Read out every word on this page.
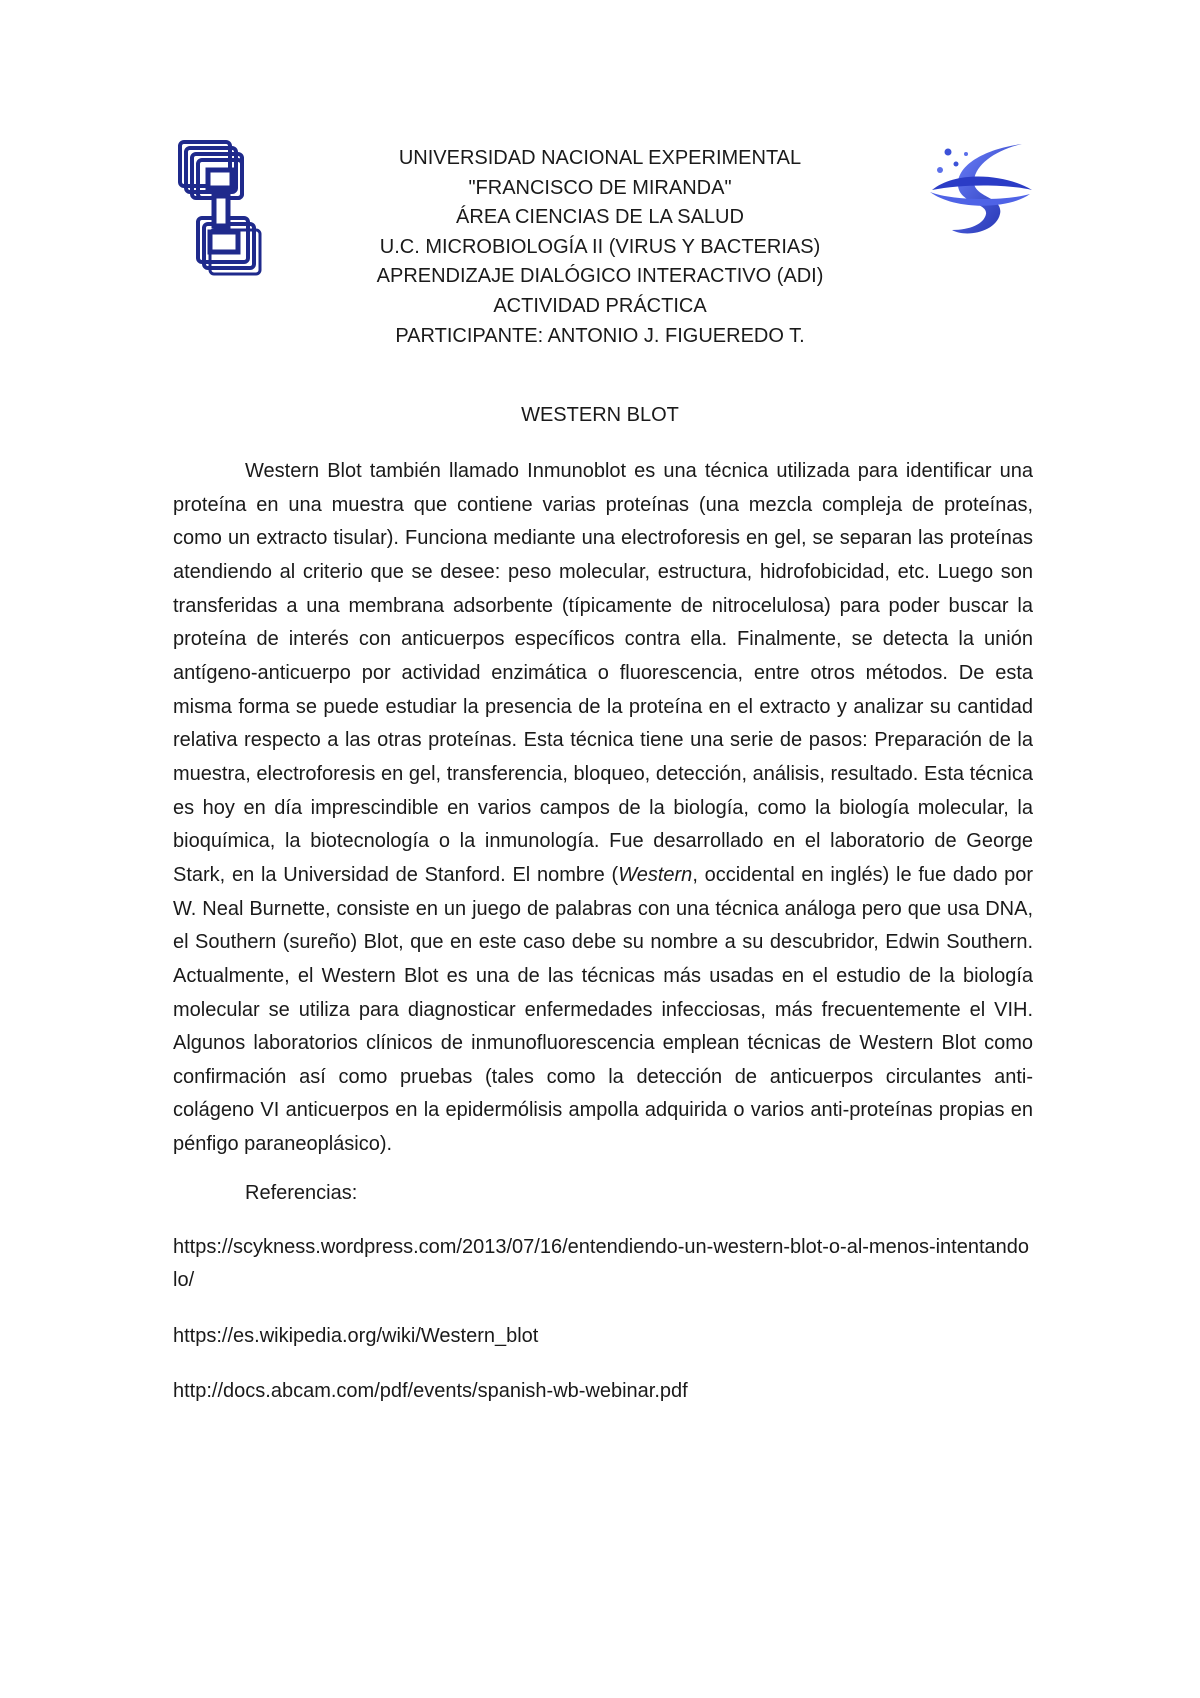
UNIVERSIDAD NACIONAL EXPERIMENTAL
"FRANCISCO DE MIRANDA"
ÁREA CIENCIAS DE LA SALUD
U.C. MICROBIOLOGÍA II (VIRUS Y BACTERIAS)
APRENDIZAJE DIALÓGICO INTERACTIVO (ADI)
ACTIVIDAD PRÁCTICA
PARTICIPANTE: ANTONIO J. FIGUEREDO T.
WESTERN BLOT

Western Blot también llamado Inmunoblot es una técnica utilizada para identificar una proteína en una muestra que contiene varias proteínas (una mezcla compleja de proteínas, como un extracto tisular). Funciona mediante una electroforesis en gel, se separan las proteínas atendiendo al criterio que se desee: peso molecular, estructura, hidrofobicidad, etc. Luego son transferidas a una membrana adsorbente (típicamente de nitrocelulosa) para poder buscar la proteína de interés con anticuerpos específicos contra ella. Finalmente, se detecta la unión antígeno-anticuerpo por actividad enzimática o fluorescencia, entre otros métodos. De esta misma forma se puede estudiar la presencia de la proteína en el extracto y analizar su cantidad relativa respecto a las otras proteínas. Esta técnica tiene una serie de pasos: Preparación de la muestra, electroforesis en gel, transferencia, bloqueo, detección, análisis, resultado. Esta técnica es hoy en día imprescindible en varios campos de la biología, como la biología molecular, la bioquímica, la biotecnología o la inmunología. Fue desarrollado en el laboratorio de George Stark, en la Universidad de Stanford. El nombre (Western, occidental en inglés) le fue dado por W. Neal Burnette, consiste en un juego de palabras con una técnica análoga pero que usa DNA, el Southern (sureño) Blot, que en este caso debe su nombre a su descubridor, Edwin Southern. Actualmente, el Western Blot es una de las técnicas más usadas en el estudio de la biología molecular se utiliza para diagnosticar enfermedades infecciosas, más frecuentemente el VIH. Algunos laboratorios clínicos de inmunofluorescencia emplean técnicas de Western Blot como confirmación así como pruebas (tales como la detección de anticuerpos circulantes anti-colágeno VI anticuerpos en la epidermólisis ampolla adquirida o varios anti-proteínas propias en pénfigo paraneoplásico).

Referencias:
https://scykness.wordpress.com/2013/07/16/entendiendo-un-western-blot-o-al-menos-intentandolo/
https://es.wikipedia.org/wiki/Western_blot
http://docs.abcam.com/pdf/events/spanish-wb-webinar.pdf
